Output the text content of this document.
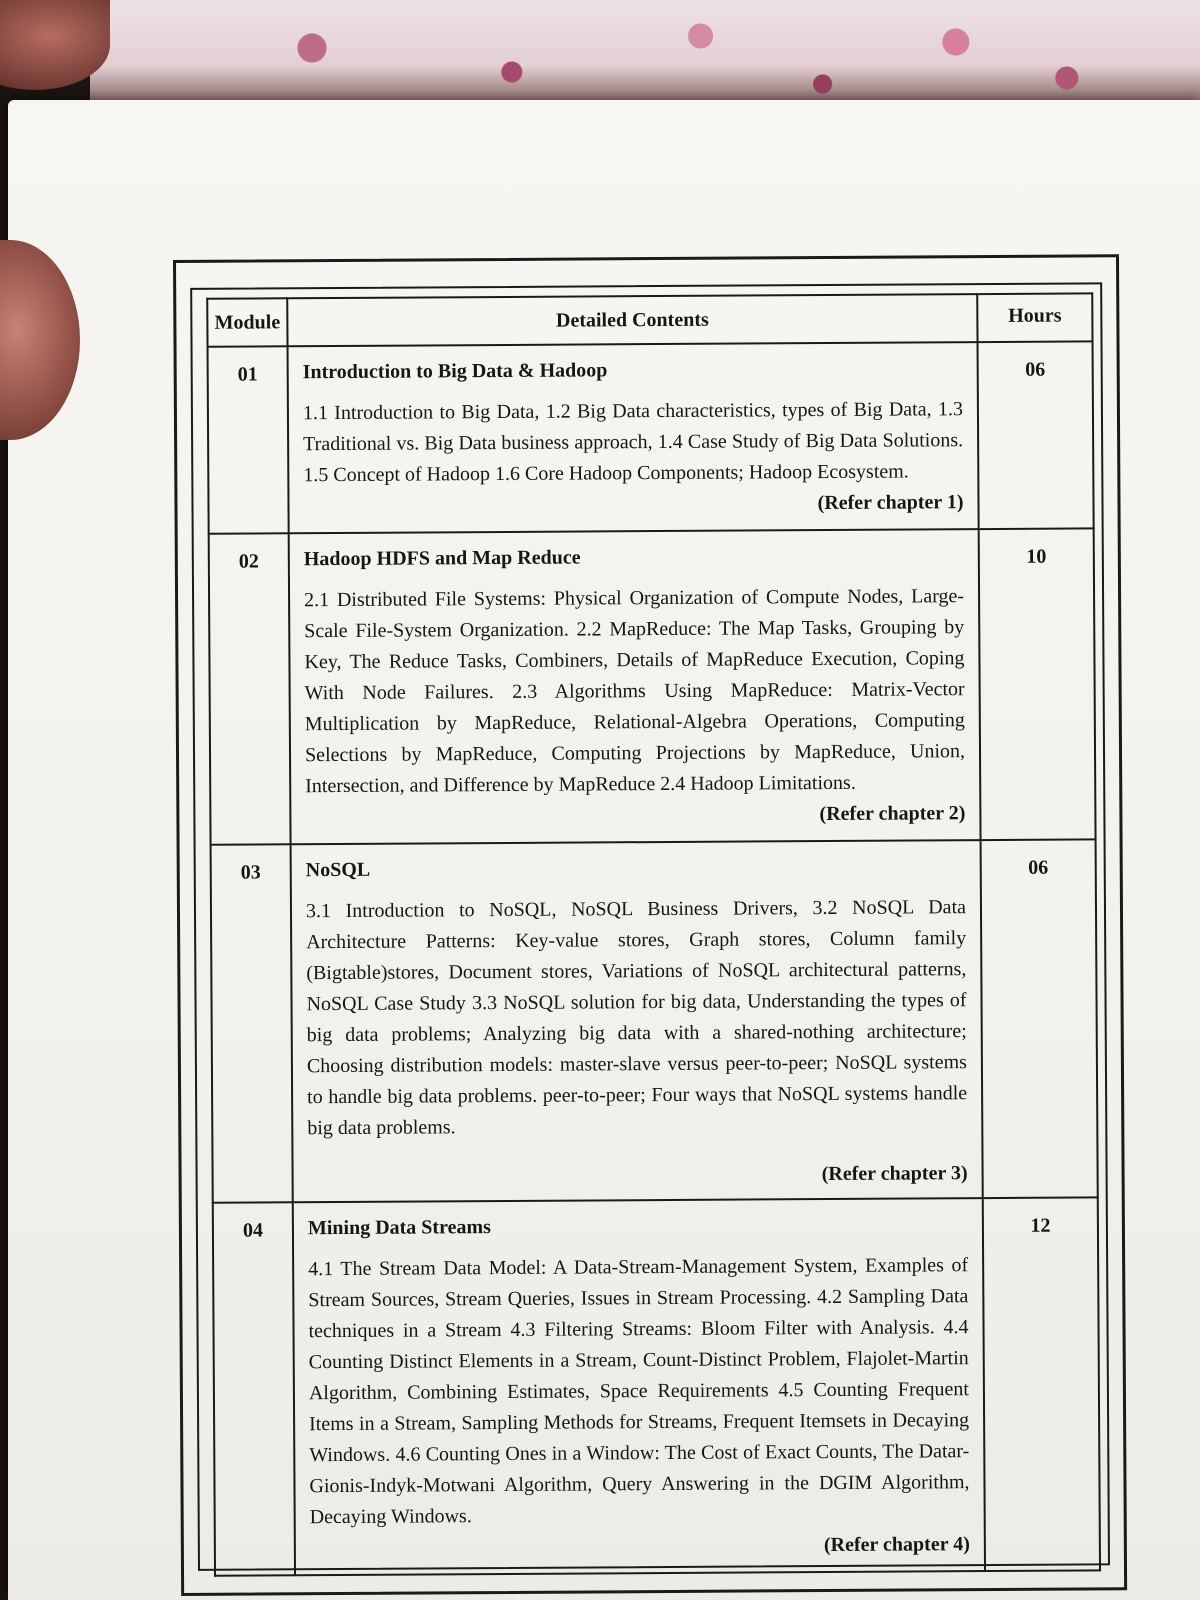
Module	Detailed Contents	Hours
01	Introduction to Big Data & Hadoop

1.1 Introduction to Big Data, 1.2 Big Data characteristics, types of Big Data, 1.3 Traditional vs. Big Data business approach, 1.4 Case Study of Big Data Solutions. 1.5 Concept of Hadoop 1.6 Core Hadoop Components; Hadoop Ecosystem.
(Refer chapter 1)	06
02	Hadoop HDFS and Map Reduce

2.1 Distributed File Systems: Physical Organization of Compute Nodes, Large-Scale File-System Organization. 2.2 MapReduce: The Map Tasks, Grouping by Key, The Reduce Tasks, Combiners, Details of MapReduce Execution, Coping With Node Failures. 2.3 Algorithms Using MapReduce: Matrix-Vector Multiplication by MapReduce, Relational-Algebra Operations, Computing Selections by MapReduce, Computing Projections by MapReduce, Union, Intersection, and Difference by MapReduce 2.4 Hadoop Limitations.
(Refer chapter 2)	10
03	NoSQL

3.1 Introduction to NoSQL, NoSQL Business Drivers, 3.2 NoSQL Data Architecture Patterns: Key-value stores, Graph stores, Column family (Bigtable)stores, Document stores, Variations of NoSQL architectural patterns, NoSQL Case Study 3.3 NoSQL solution for big data, Understanding the types of big data problems; Analyzing big data with a shared-nothing architecture; Choosing distribution models: master-slave versus peer-to-peer; NoSQL systems to handle big data problems. peer-to-peer; Four ways that NoSQL systems handle big data problems.
(Refer chapter 3)	06
04	Mining Data Streams

4.1 The Stream Data Model: A Data-Stream-Management System, Examples of Stream Sources, Stream Queries, Issues in Stream Processing. 4.2 Sampling Data techniques in a Stream 4.3 Filtering Streams: Bloom Filter with Analysis. 4.4 Counting Distinct Elements in a Stream, Count-Distinct Problem, Flajolet-Martin Algorithm, Combining Estimates, Space Requirements 4.5 Counting Frequent Items in a Stream, Sampling Methods for Streams, Frequent Itemsets in Decaying Windows. 4.6 Counting Ones in a Window: The Cost of Exact Counts, The Datar-Gionis-Indyk-Motwani Algorithm, Query Answering in the DGIM Algorithm, Decaying Windows.
(Refer chapter 4)	12
